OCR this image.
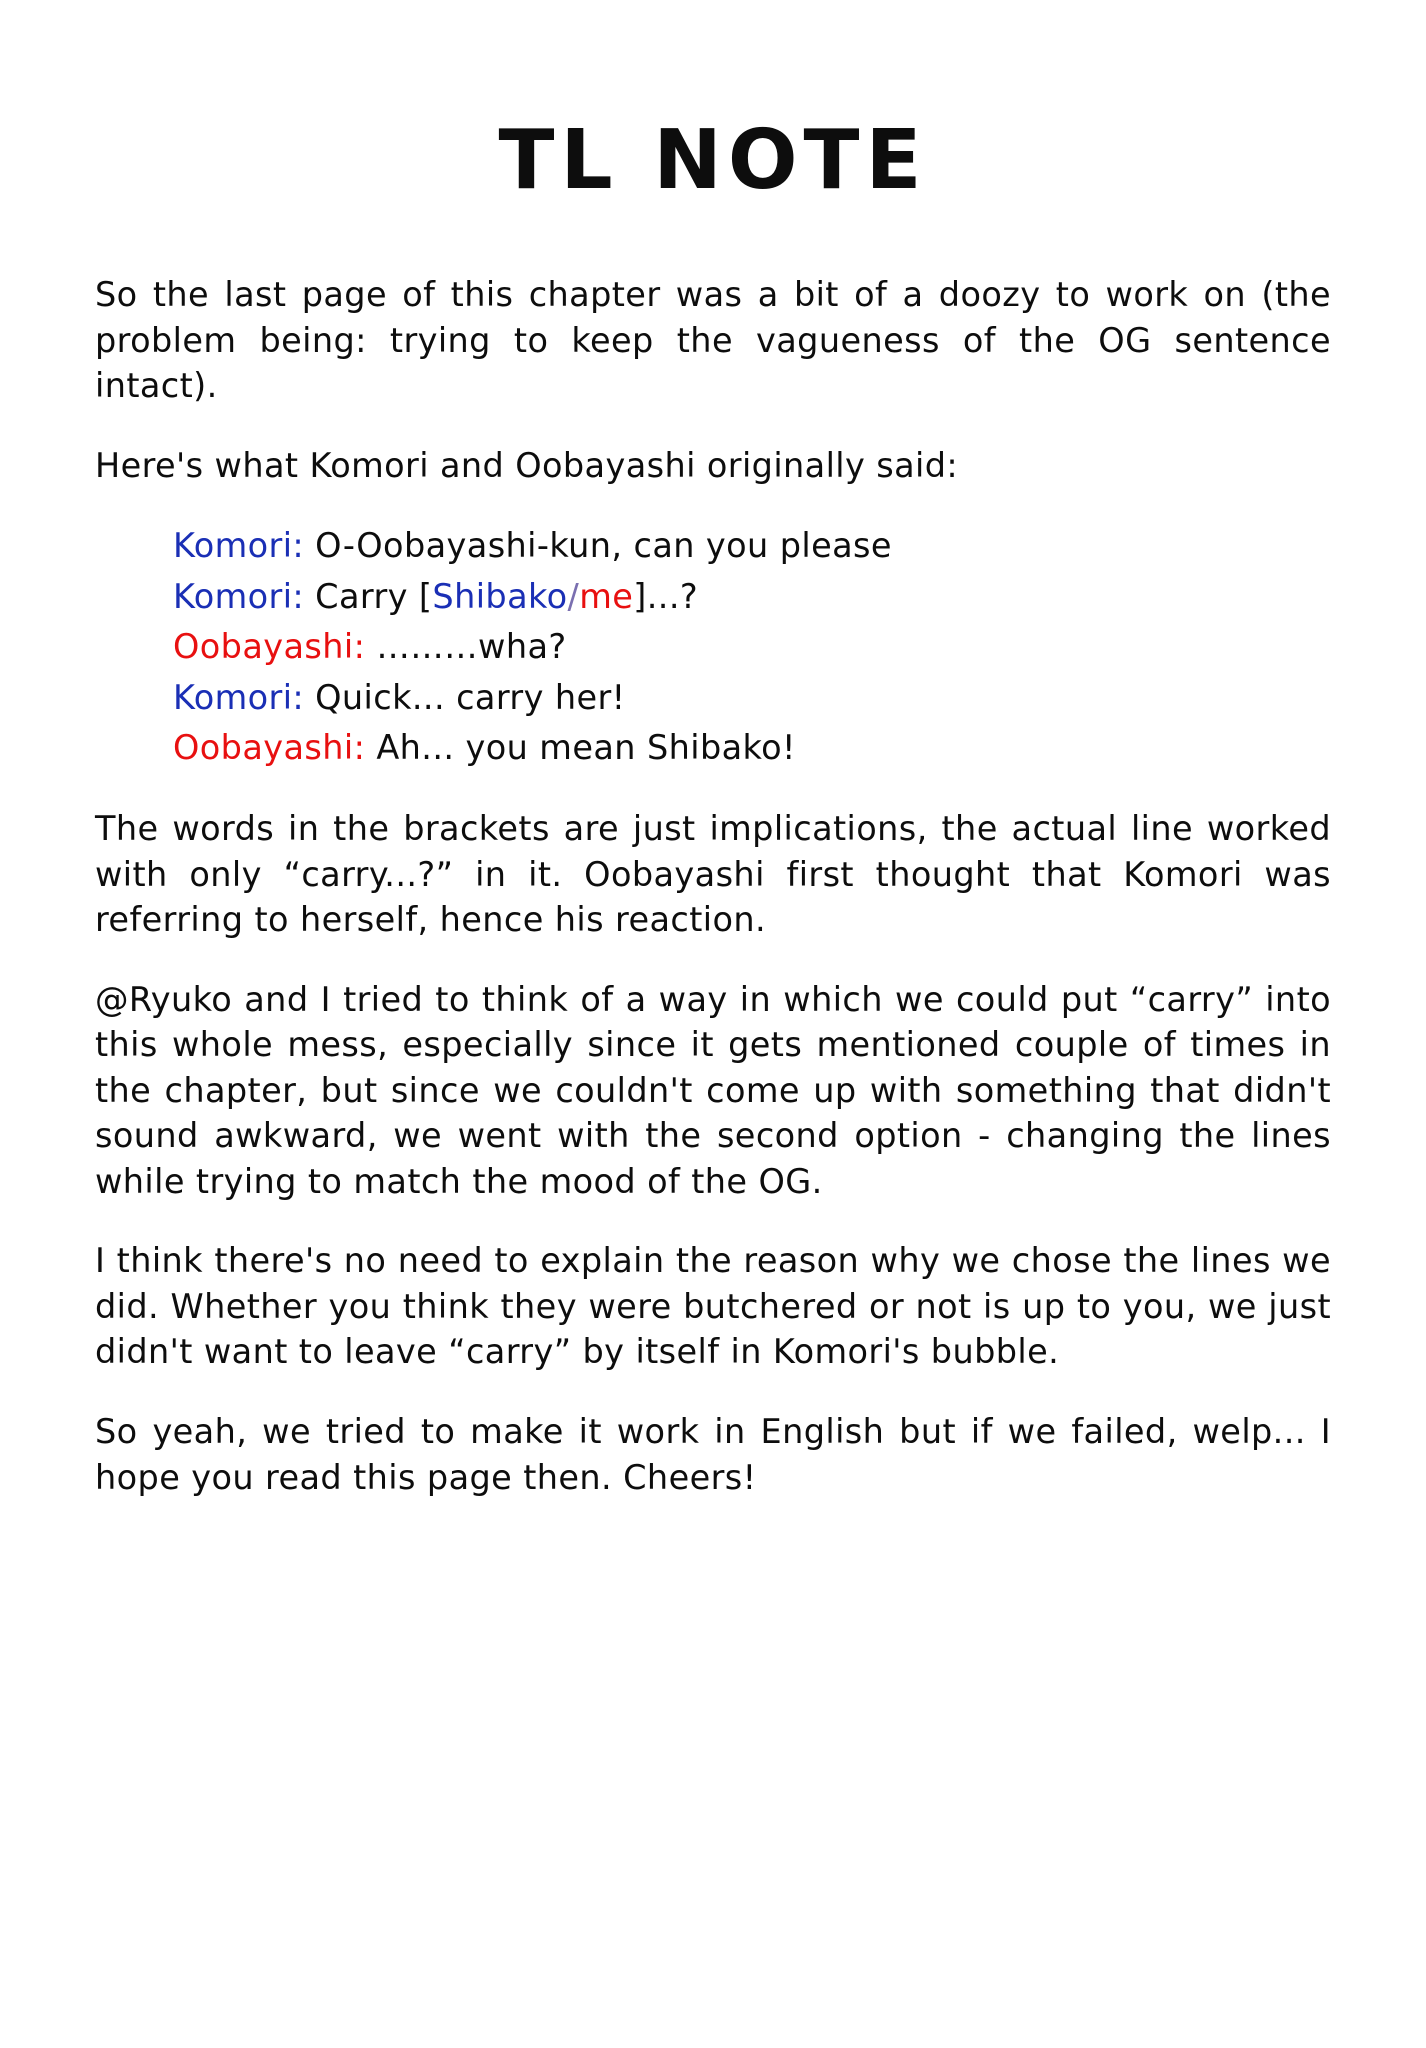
TL NOTE

So the last page of this chapter was a bit of a doozy to work on (the problem being: trying to keep the vagueness of the OG sentence intact).

Here's what Komori and Oobayashi originally said:

Komori: O-Oobayashi-kun, can you please
Komori: Carry [Shibako/me]...?
Oobayashi: ………wha?
Komori: Quick... carry her!
Oobayashi: Ah... you mean Shibako!

The words in the brackets are just implications, the actual line worked with only “carry...?” in it. Oobayashi first thought that Komori was referring to herself, hence his reaction.

@Ryuko and I tried to think of a way in which we could put “carry” into this whole mess, especially since it gets mentioned couple of times in the chapter, but since we couldn't come up with something that didn't sound awkward, we went with the second option - changing the lines while trying to match the mood of the OG.

I think there's no need to explain the reason why we chose the lines we did. Whether you think they were butchered or not is up to you, we just didn't want to leave “carry” by itself in Komori's bubble.

So yeah, we tried to make it work in English but if we failed, welp... I hope you read this page then. Cheers!
